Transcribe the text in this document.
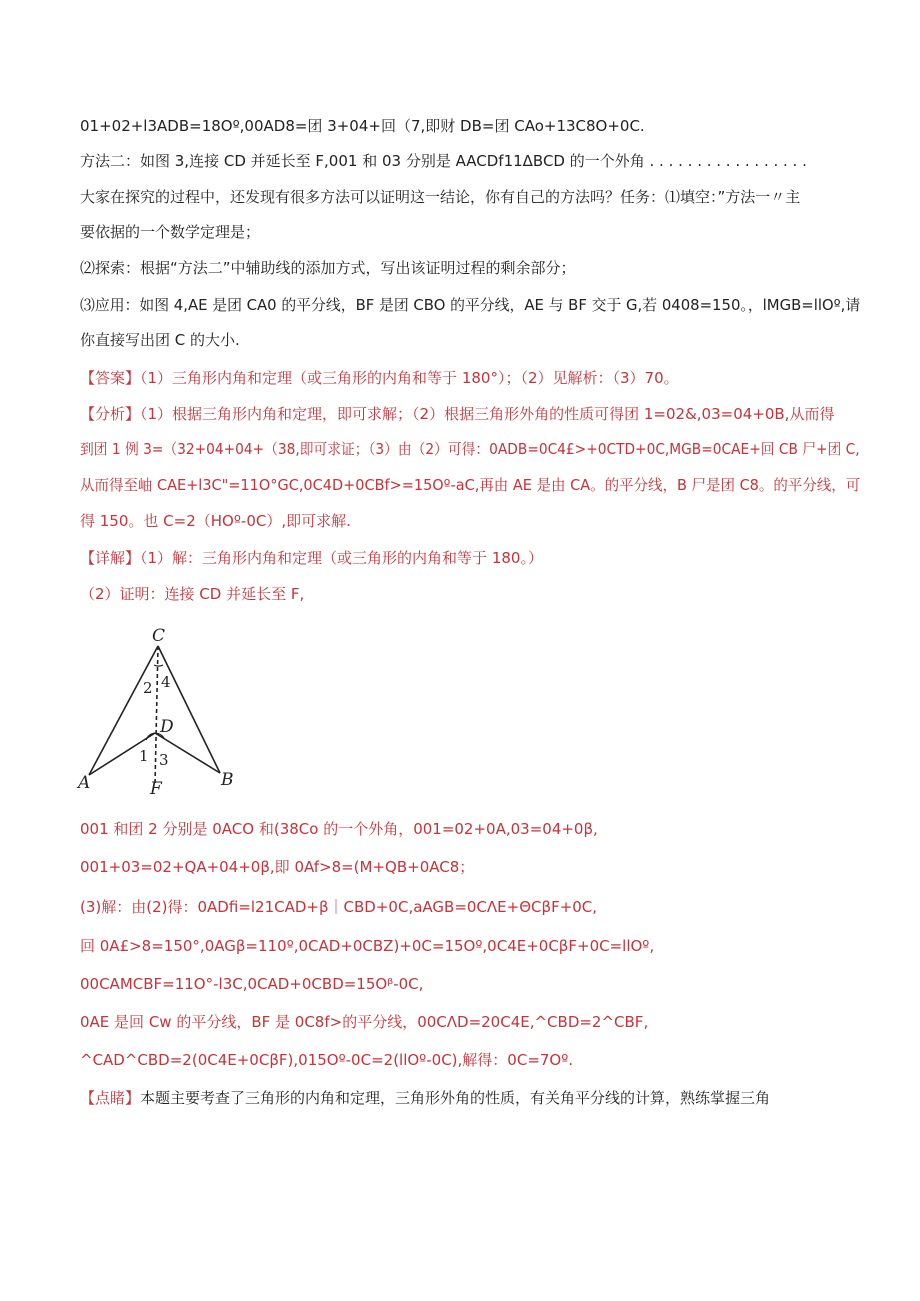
01+02+l3ADB=18Oº,00AD8=团 3+04+回（7,即财 DB=团 CAo+13C8O+0C.
方法二：如图 3,连接 CD 并延长至 F,001 和 03 分别是 AACDf11ΔBCD 的一个外角 . . . . . . . . . . . . . . . . .
大家在探究的过程中，还发现有很多方法可以证明这一结论，你有自己的方法吗？任务：⑴填空：”方法一〃主
要依据的一个数学定理是；
⑵探索：根据“方法二”中辅助线的添加方式，写出该证明过程的剩余部分；
⑶应用：如图 4,AE 是团 CA0 的平分线，BF 是团 CBO 的平分线，AE 与 BF 交于 G,若 0408=150。，lMGB=llOº,请
你直接写出团 C 的大小.
【答案】（1）三角形内角和定理（或三角形的内角和等于 180°）；（2）见解析：（3）70。
【分析】（1）根据三角形内角和定理，即可求解；（2）根据三角形外角的性质可得团 1=02&,03=04+0B,从而得
到团 1 例 3=（32+04+04+（38,即可求证；（3）由（2）可得：0ADB=0C4£>+0CTD+0C,MGB=0CAE+回 CB 尸+团 C,
从而得至岫 CAE+l3C"=11O°GC,0C4D+0CBf>=15Oº-aC,再由 AE 是由 CA。的平分线，B 尸是团 C8。的平分线，可
得 150。也 C=2（HOº-0C）,即可求解.
【详解】（1）解：三角形内角和定理（或三角形的内角和等于 180。）
（2）证明：连接 CD 并延长至 F,
C
D
A	B
F
2 4
1 3
001 和团 2 分别是 0ACO 和(38Co 的一个外角，001=02+0A,03=04+0β,
001+03=02+QA+04+0β,即 0Af>8=(M+QB+0AC8；
(3)解：由(2)得：0ADfi=l21CAD+β｜CBD+0C,aAGB=0CΛE+ΘCβF+0C,
回 0A£>8=150°,0AGβ=110º,0CAD+0CBZ)+0C=15Oº,0C4E+0CβF+0C=llOº,
00CAMCBF=11O°-l3C,0CAD+0CBD=15Oᵝ-0C,
0AE 是回 Cw 的平分线，BF 是 0C8f>的平分线，00CΛD=20C4E,^CBD=2^CBF,
^CAD^CBD=2(0C4E+0CβF),015Oº-0C=2(llOº-0C),解得：0C=7Oº.
【点睹】本题主要考查了三角形的内角和定理，三角形外角的性质，有关角平分线的计算，熟练掌握三角
